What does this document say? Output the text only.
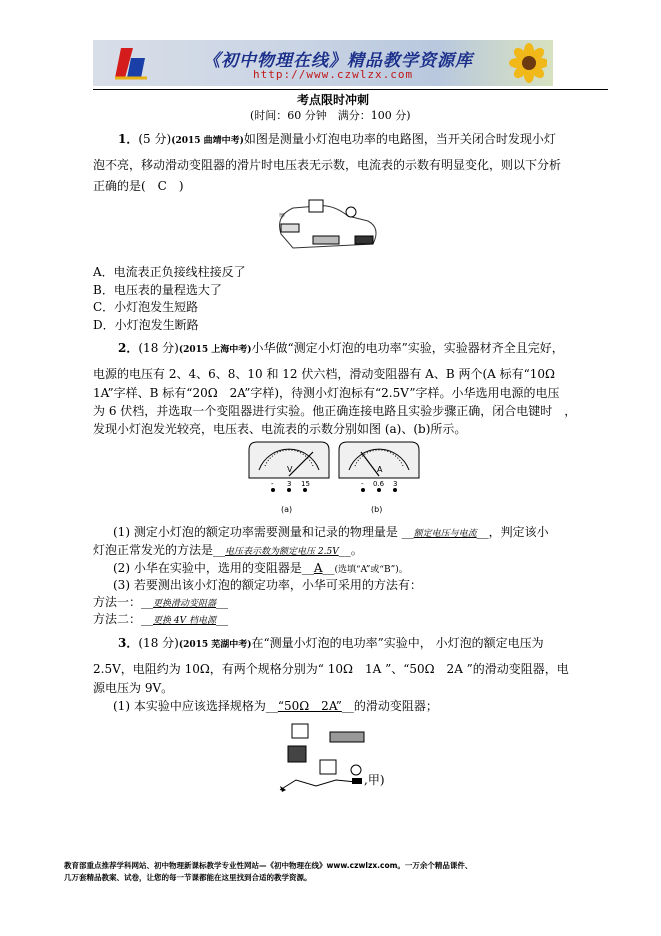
《初中物理在线》精品教学资源库
http://www.czwlzx.com
考点限时冲刺
(时间：60 分钟　满分：100 分)
1．(5 分)(2015 曲靖中考)如图是测量小灯泡电功率的电路图，当开关闭合时发现小灯
泡不亮，移动滑动变阻器的滑片时电压表无示数，电流表的示数有明显变化，则以下分析
正确的是(　C　)
甲
A．电流表正负接线柱接反了
B．电压表的量程选大了
C．小灯泡发生短路
D．小灯泡发生断路
2．(18 分)(2015 上海中考)小华做“测定小灯泡的电功率”实验，实验器材齐全且完好，
电源的电压有 2、4、6、8、10 和 12 伏六档，滑动变阻器有 A、B 两个(A 标有“10Ω
1A”字样、B 标有“20Ω　2A”字样)，待测小灯泡标有“2.5V”字样。小华选用电源的电压
为 6 伏档，并选取一个变阻器进行实验。他正确连接电路且实验步骤正确，闭合电键时　，
发现小灯泡发光较亮，电压表、电流表的示数分别如图 (a)、(b)所示。
V
- 3 15
(a)
A
- 0.6 3
(b)
(1) 测定小灯泡的额定功率需要测量和记录的物理量是 __额定电压与电流__，判定该小
灯泡正常发光的方法是__电压表示数为额定电压 2.5V__。
(2) 小华在实验中，选用的变阻器是__A__(选填“A”或“B”)。
(3) 若要测出该小灯泡的额定功率，小华可采用的方法有：
方法一：__更换滑动变阻器__
方法二：__更换 4V 档电源__
3．(18 分)(2015 芜湖中考)在“测量小灯泡的电功率”实验中， 小灯泡的额定电压为
2.5V，电阻约为 10Ω，有两个规格分别为“ 10Ω　1A ”、“50Ω　2A ”的滑动变阻器，电
源电压为 9V。
(1) 本实验中应该选择规格为__“50Ω　2A”__的滑动变阻器；
,甲)
教育部重点推荐学科网站、初中物理新课标教学专业性网站—《初中物理在线》www.czwlzx.com。一万余个精品课件、
几万套精品教案、试卷，让您的每一节课都能在这里找到合适的教学资源。
